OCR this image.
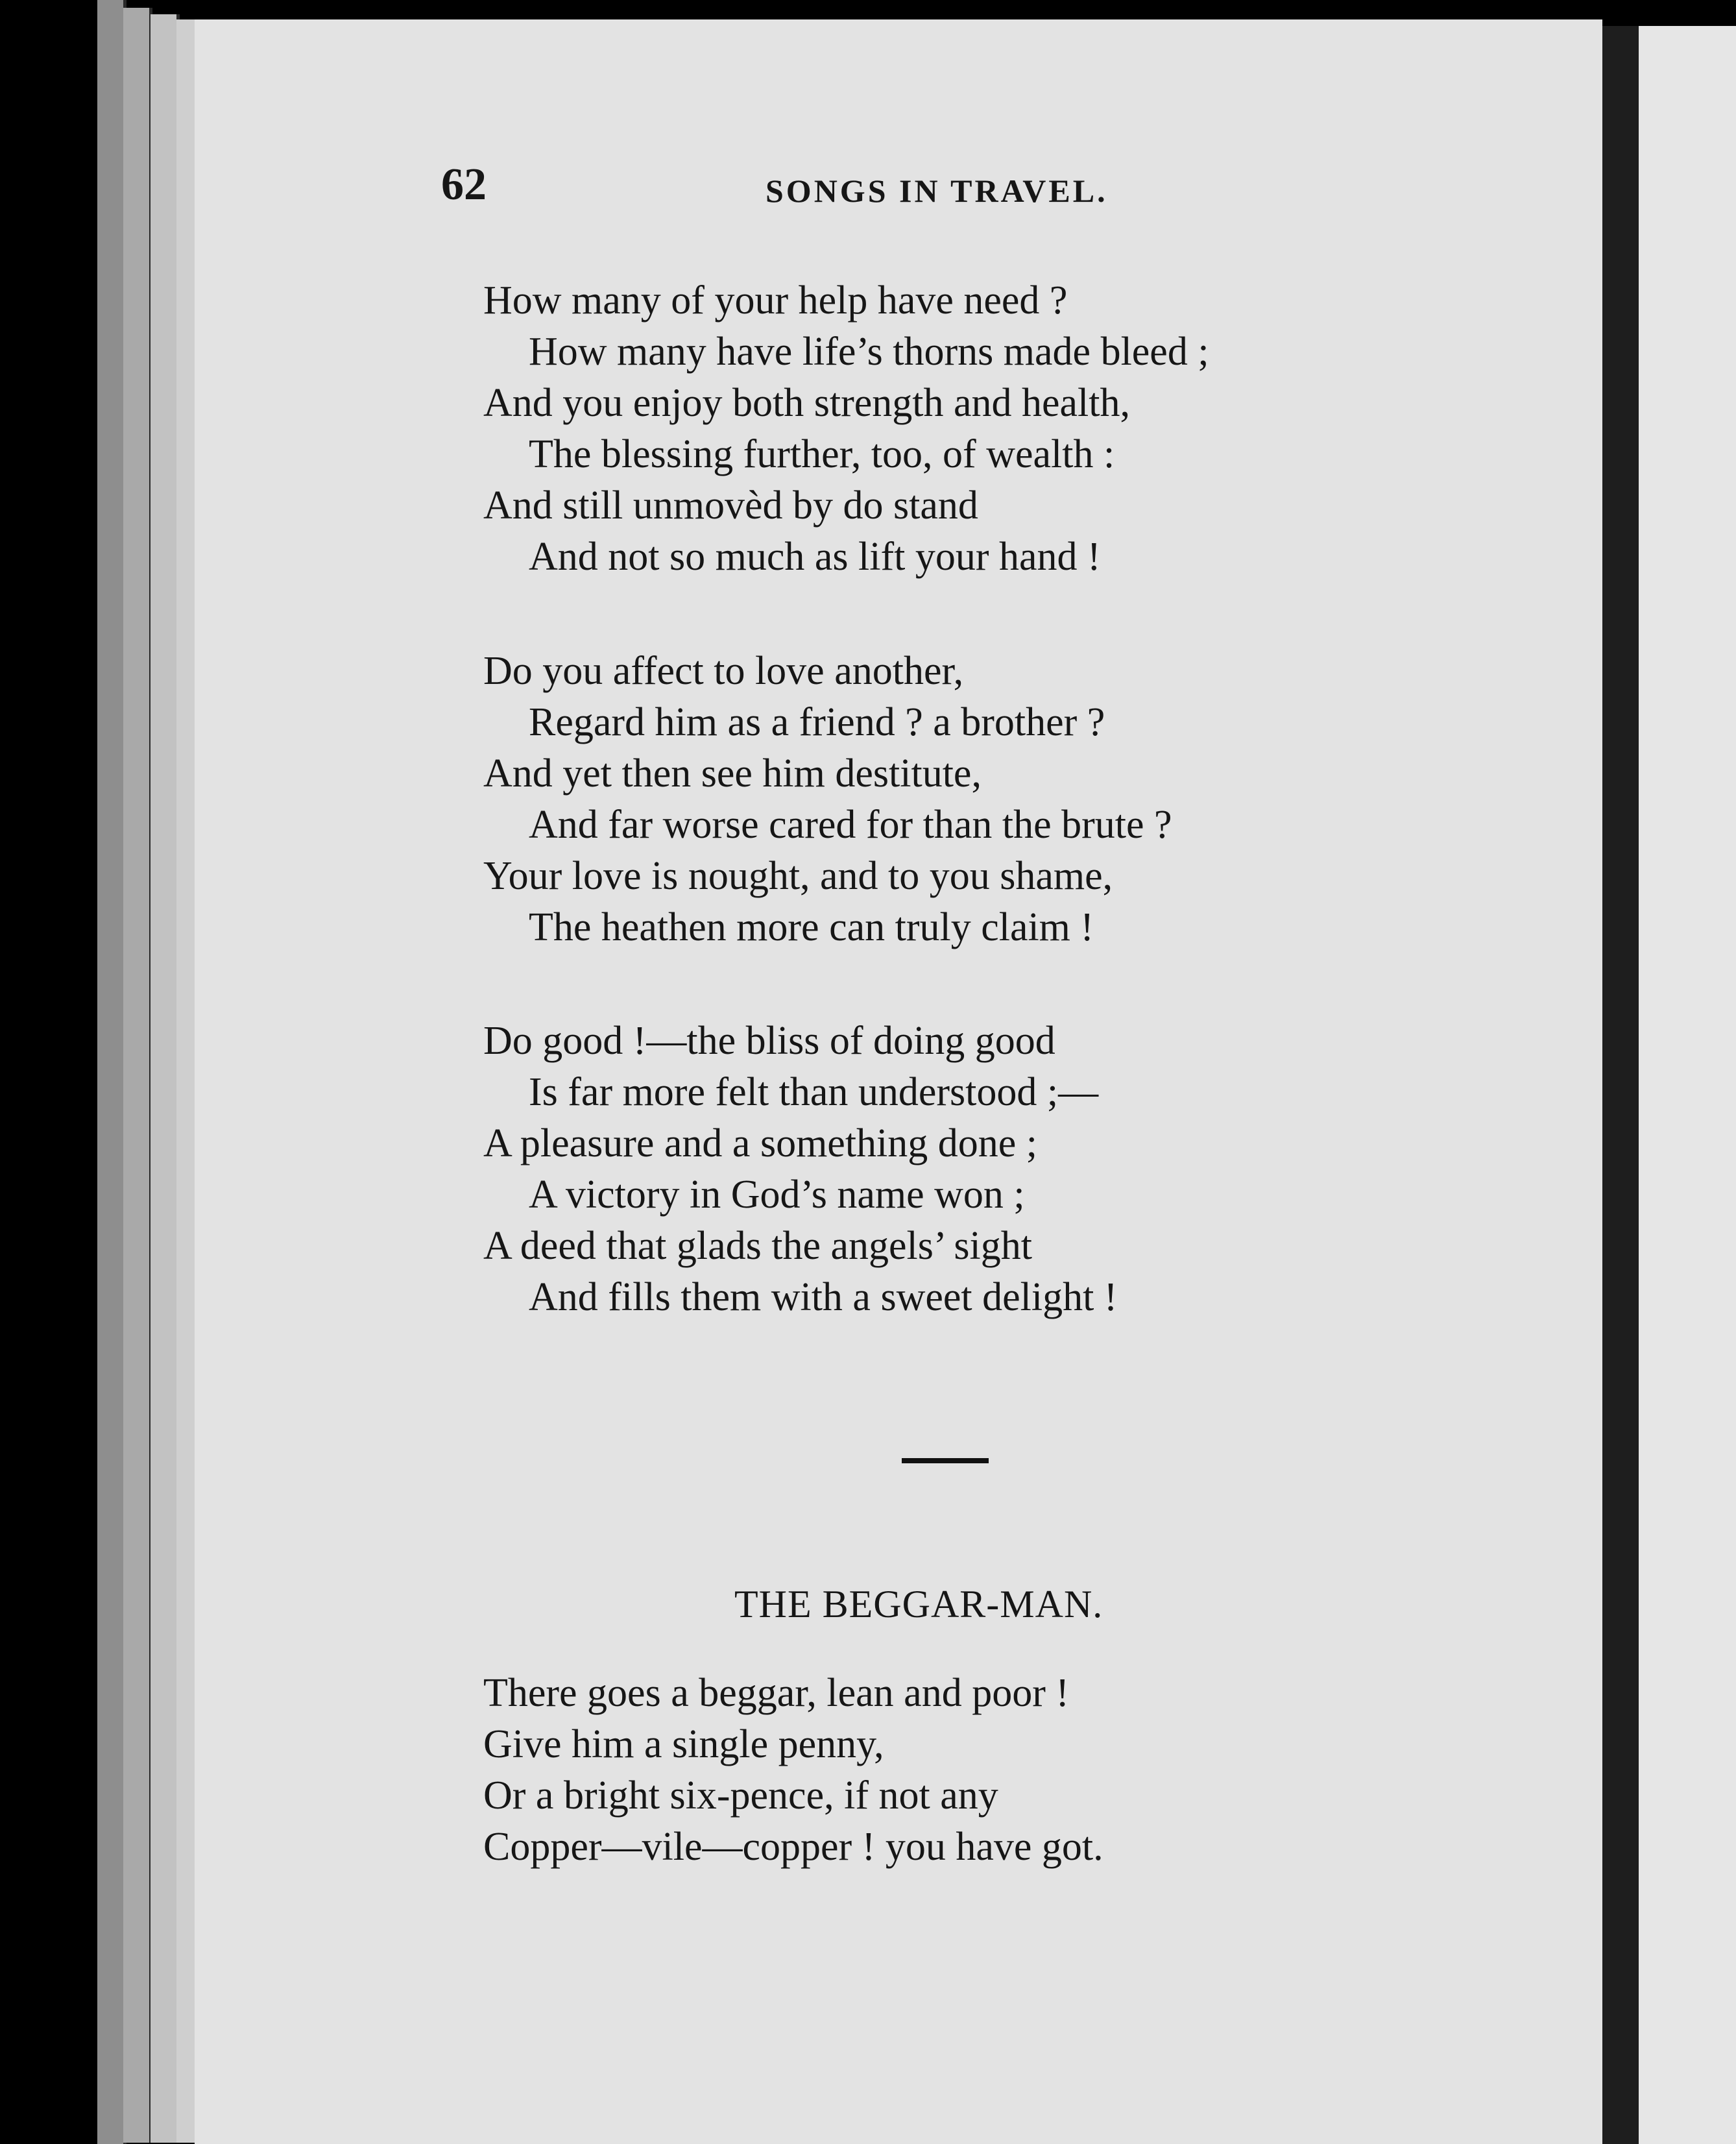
62	SONGS IN TRAVEL.
How many of your help have need ?
How many have life’s thorns made bleed ;
And you enjoy both strength and health,
The blessing further, too, of wealth :
And still unmovèd by do stand
And not so much as lift your hand !
Do you affect to love another,
Regard him as a friend ? a brother ?
And yet then see him destitute,
And far worse cared for than the brute ?
Your love is nought, and to you shame,
The heathen more can truly claim !
Do good !—the bliss of doing good
Is far more felt than understood ;—
A pleasure and a something done ;
A victory in God’s name won ;
A deed that glads the angels’ sight
And fills them with a sweet delight !
THE BEGGAR-MAN.
There goes a beggar, lean and poor !
Give him a single penny,
Or a bright six-pence, if not any
Copper—vile—copper ! you have got.
